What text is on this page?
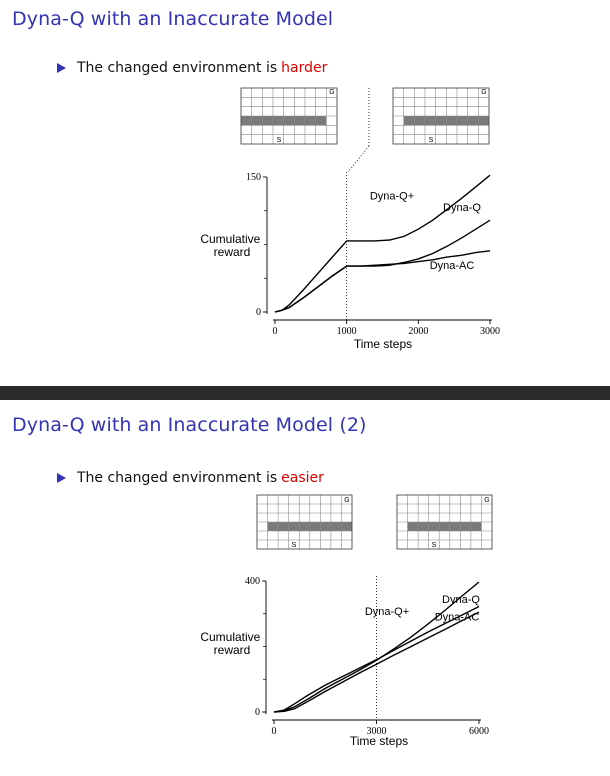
Dyna-Q with an Inaccurate Model
The changed environment is harder
G
S
G
S
Cumulative reward
Time steps
0	1000	2000	3000
0
150
Dyna-Q+
Dyna-Q
Dyna-AC
Dyna-Q with an Inaccurate Model (2)
The changed environment is easier
G
S
G
S
Cumulative reward
Time steps
0	3000	6000
0
400
Dyna-Q+
Dyna-Q
Dyna-AC
